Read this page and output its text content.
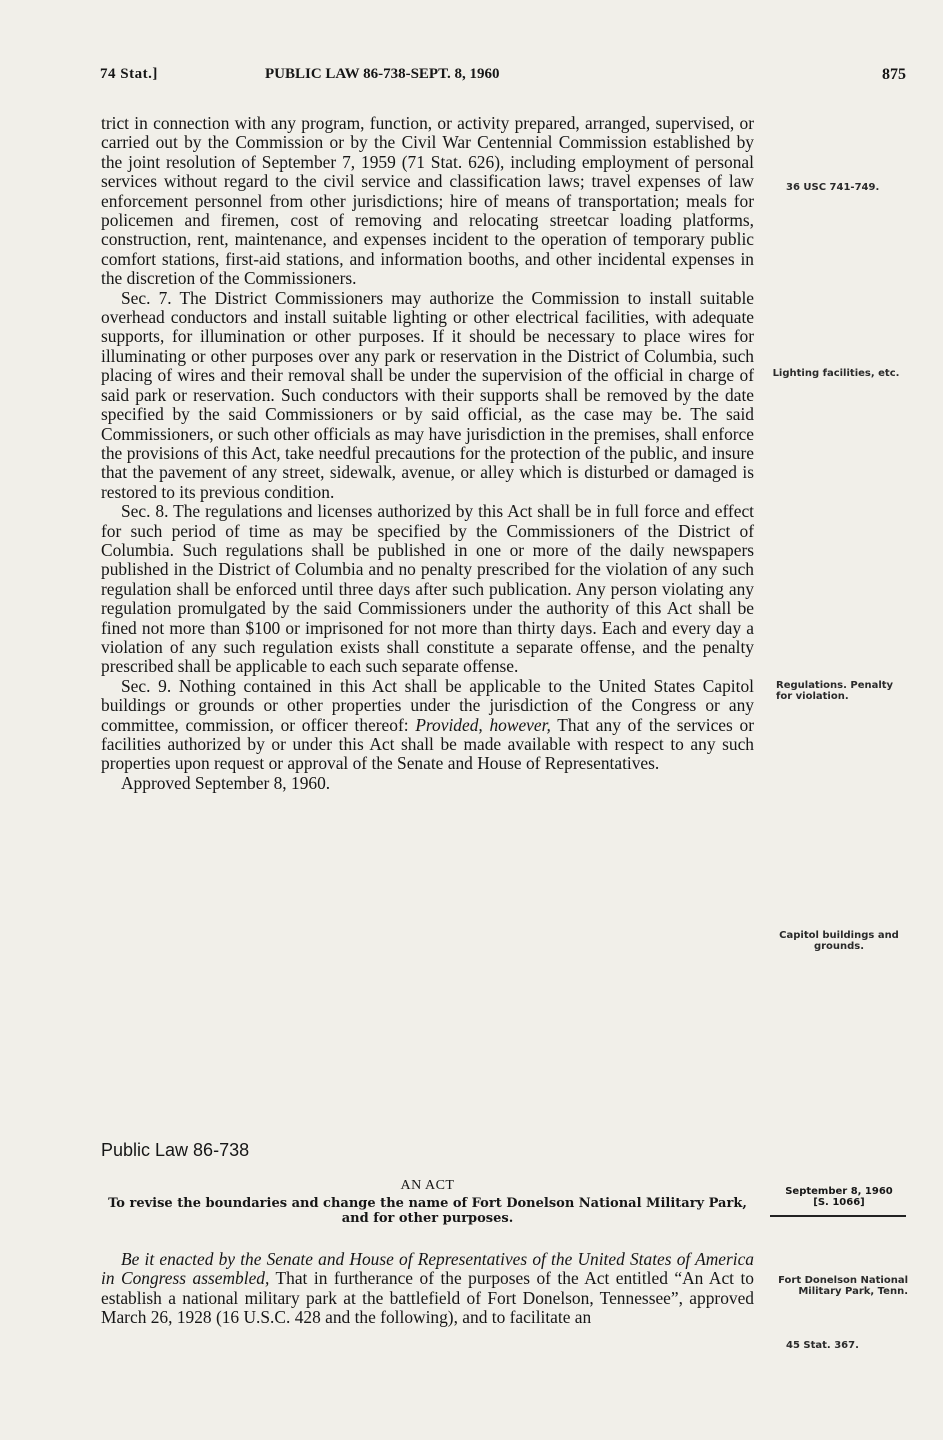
74 Stat.]	PUBLIC LAW 86-738-SEPT. 8, 1960	875

trict in connection with any program, function, or activity prepared, arranged, supervised, or carried out by the Commission or by the Civil War Centennial Commission established by the joint resolution of September 7, 1959 (71 Stat. 626), including employment of personal services without regard to the civil service and classification laws; travel expenses of law enforcement personnel from other jurisdictions; hire of means of transportation; meals for policemen and firemen, cost of removing and relocating streetcar loading platforms, construction, rent, maintenance, and expenses incident to the operation of temporary public comfort stations, first-aid stations, and information booths, and other incidental expenses in the discretion of the Commissioners.

Sec. 7. The District Commissioners may authorize the Commission to install suitable overhead conductors and install suitable lighting or other electrical facilities, with adequate supports, for illumination or other purposes. If it should be necessary to place wires for illuminating or other purposes over any park or reservation in the District of Columbia, such placing of wires and their removal shall be under the supervision of the official in charge of said park or reservation. Such conductors with their supports shall be removed by the date specified by the said Commissioners or by said official, as the case may be. The said Commissioners, or such other officials as may have jurisdiction in the premises, shall enforce the provisions of this Act, take needful precautions for the protection of the public, and insure that the pavement of any street, sidewalk, avenue, or alley which is disturbed or damaged is restored to its previous condition.

Sec. 8. The regulations and licenses authorized by this Act shall be in full force and effect for such period of time as may be specified by the Commissioners of the District of Columbia. Such regulations shall be published in one or more of the daily newspapers published in the District of Columbia and no penalty prescribed for the violation of any such regulation shall be enforced until three days after such publication. Any person violating any regulation promulgated by the said Commissioners under the authority of this Act shall be fined not more than $100 or imprisoned for not more than thirty days. Each and every day a violation of any such regulation exists shall constitute a separate offense, and the penalty prescribed shall be applicable to each such separate offense.

Sec. 9. Nothing contained in this Act shall be applicable to the United States Capitol buildings or grounds or other properties under the jurisdiction of the Congress or any committee, commission, or officer thereof: Provided, however, That any of the services or facilities authorized by or under this Act shall be made available with respect to any such properties upon request or approval of the Senate and House of Representatives.

Approved September 8, 1960.

36 USC 741-749.
Lighting facilities, etc.
Regulations. Penalty for violation.
Capitol buildings and grounds.
Public Law 86-738
AN ACT
To revise the boundaries and change the name of Fort Donelson National Military Park, and for other purposes.
September 8, 1960
[S. 1066]

Be it enacted by the Senate and House of Representatives of the United States of America in Congress assembled, That in furtherance of the purposes of the Act entitled “An Act to establish a national military park at the battlefield of Fort Donelson, Tennessee”, approved March 26, 1928 (16 U.S.C. 428 and the following), and to facilitate an

Fort Donelson National Military Park, Tenn.
45 Stat. 367.
